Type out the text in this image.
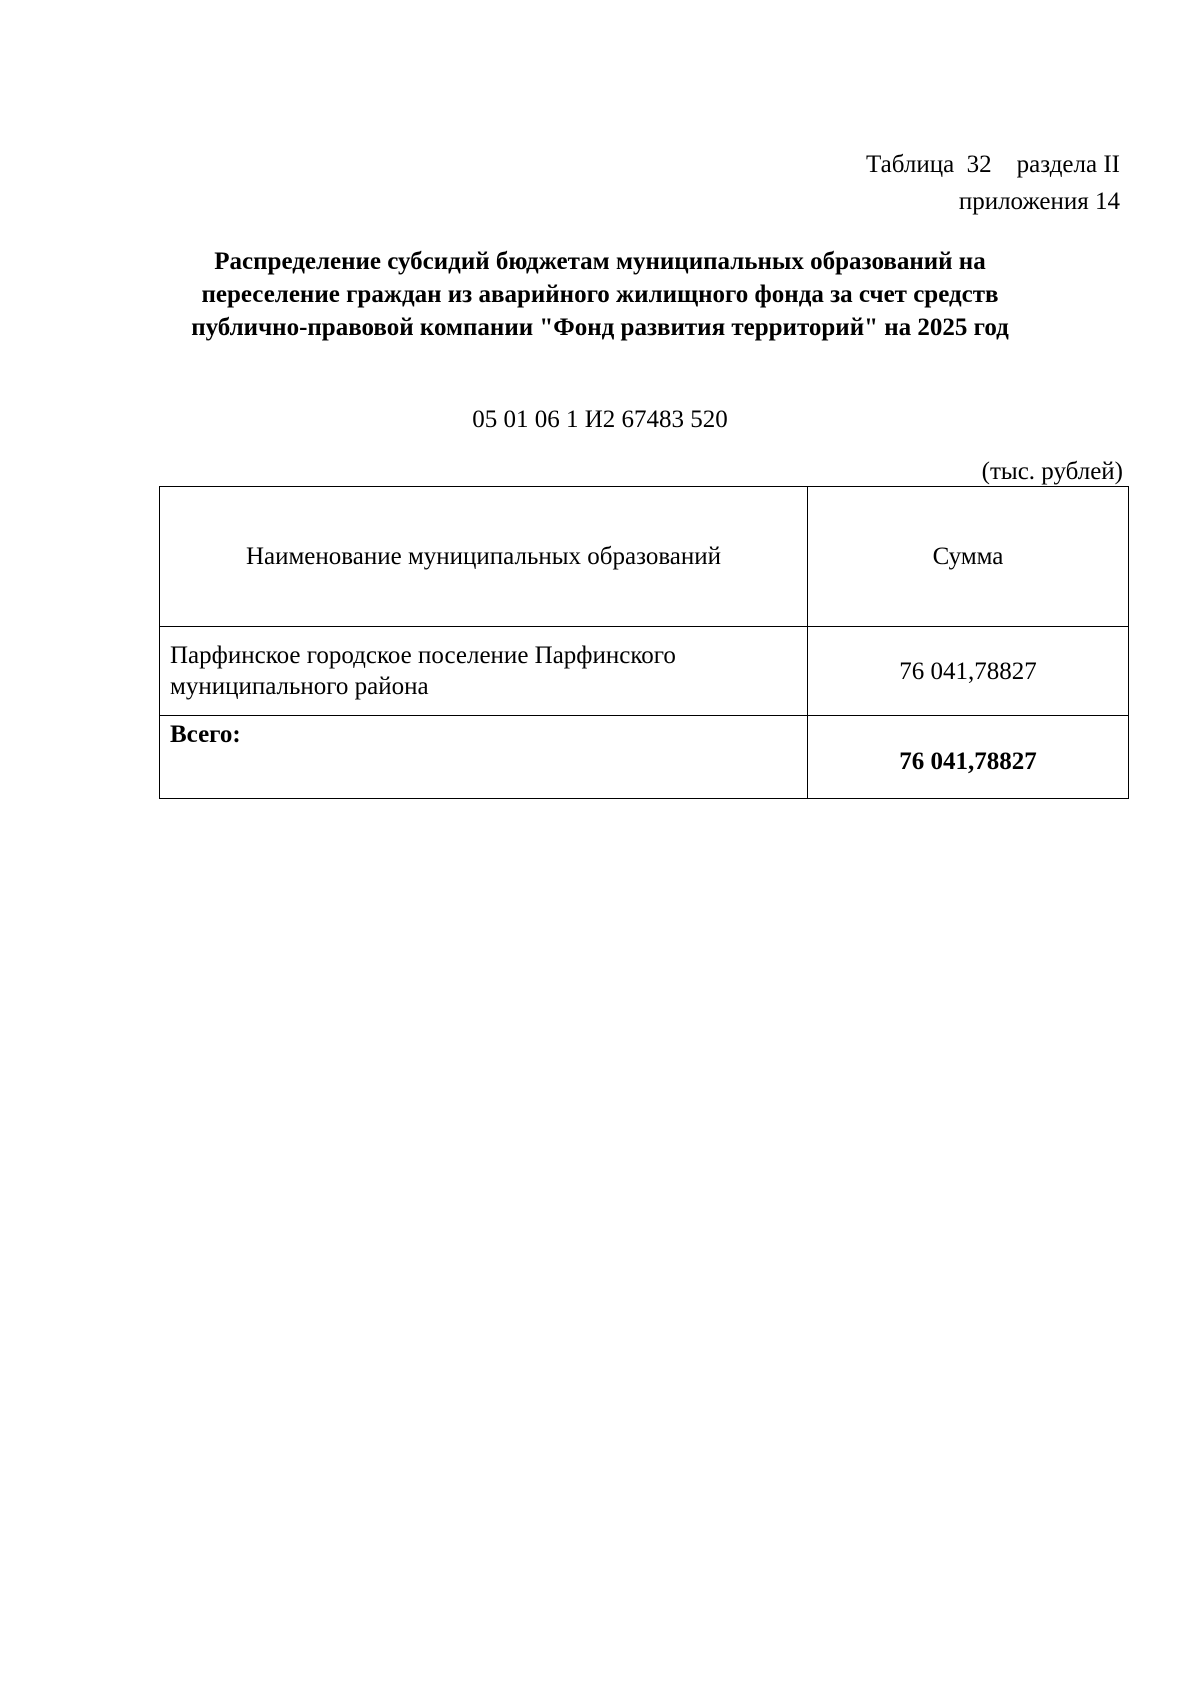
Таблица  32    раздела II
приложения 14
Распределение субсидий бюджетам муниципальных образований на
переселение граждан из аварийного жилищного фонда за счет средств
публично-правовой компании "Фонд развития территорий" на 2025 год
05 01 06 1 И2 67483 520
(тыс. рублей)
Наименование муниципальных образований	Сумма
Парфинское городское поселение Парфинского муниципального района	76 041,78827
Всего:	76 041,78827
